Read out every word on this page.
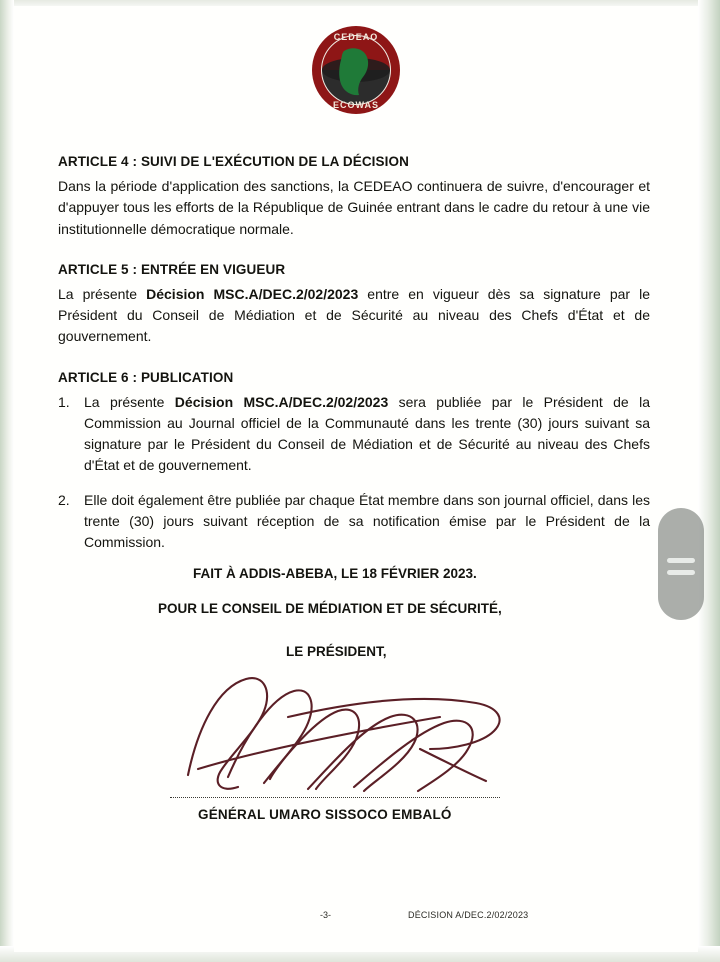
CEDEAO
ECOWAS
ARTICLE 4 : SUIVI DE L'EXÉCUTION DE LA DÉCISION

Dans la période d'application des sanctions, la CEDEAO continuera de suivre, d'encourager et d'appuyer tous les efforts de la République de Guinée entrant dans le cadre du retour à une vie institutionnelle démocratique normale.

ARTICLE 5 : ENTRÉE EN VIGUEUR

La présente Décision MSC.A/DEC.2/02/2023 entre en vigueur dès sa signature par le Président du Conseil de Médiation et de Sécurité au niveau des Chefs d'État et de gouvernement.

ARTICLE 6 : PUBLICATION
1.	La présente Décision MSC.A/DEC.2/02/2023 sera publiée par le Président de la Commission au Journal officiel de la Communauté dans les trente (30) jours suivant sa signature par le Président du Conseil de Médiation et de Sécurité au niveau des Chefs d'État et de gouvernement.
2.	Elle doit également être publiée par chaque État membre dans son journal officiel, dans les trente (30) jours suivant réception de sa notification émise par le Président de la Commission.
FAIT À ADDIS-ABEBA, LE 18 FÉVRIER 2023.
POUR LE CONSEIL DE MÉDIATION ET DE SÉCURITÉ,
LE PRÉSIDENT,
GÉNÉRAL UMARO SISSOCO EMBALÓ
-3-	DÉCISION A/DEC.2/02/2023
